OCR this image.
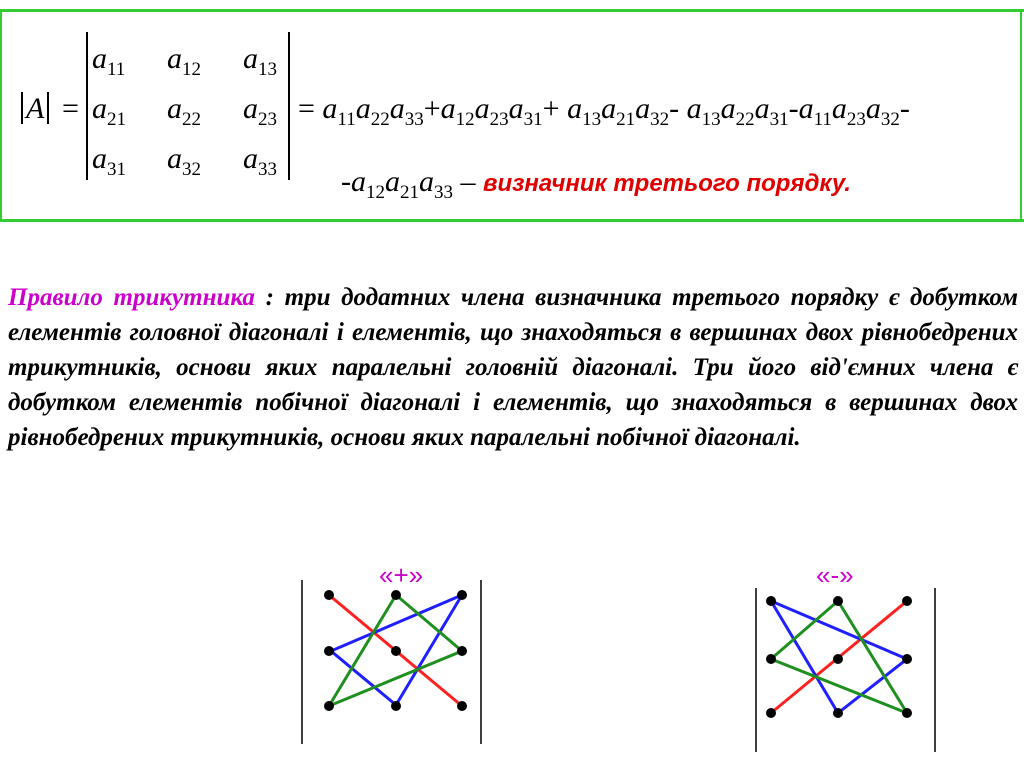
A =
$a_{11}$ $a_{12}$ $a_{13}$
$a_{21}$ $a_{22}$ $a_{23}$
$a_{31}$ $a_{32}$ $a_{33}$
= $a_{11}a_{22}a_{33}+a_{12}a_{23}a_{31}+ a_{13}a_{21}a_{32}-$ $a_{13}a_{22}a_{31}-a_{11}a_{23}a_{32}-$
$-a_{12}a_{21}a_{33}$ – визначник третього порядку.
Правило трикутника : три додатних члена визначника третього порядку є добутком елементів головної діагоналі і елементів, що знаходяться в вершинах двох рівнобедрених трикутників, основи яких паралельні головній діагоналі. Три його від'ємних члена є добутком елементів побічної діагоналі і елементів, що знаходяться в вершинах двох рівнобедрених трикутників, основи яких паралельні побічної діагоналі.
«+»	«-»
